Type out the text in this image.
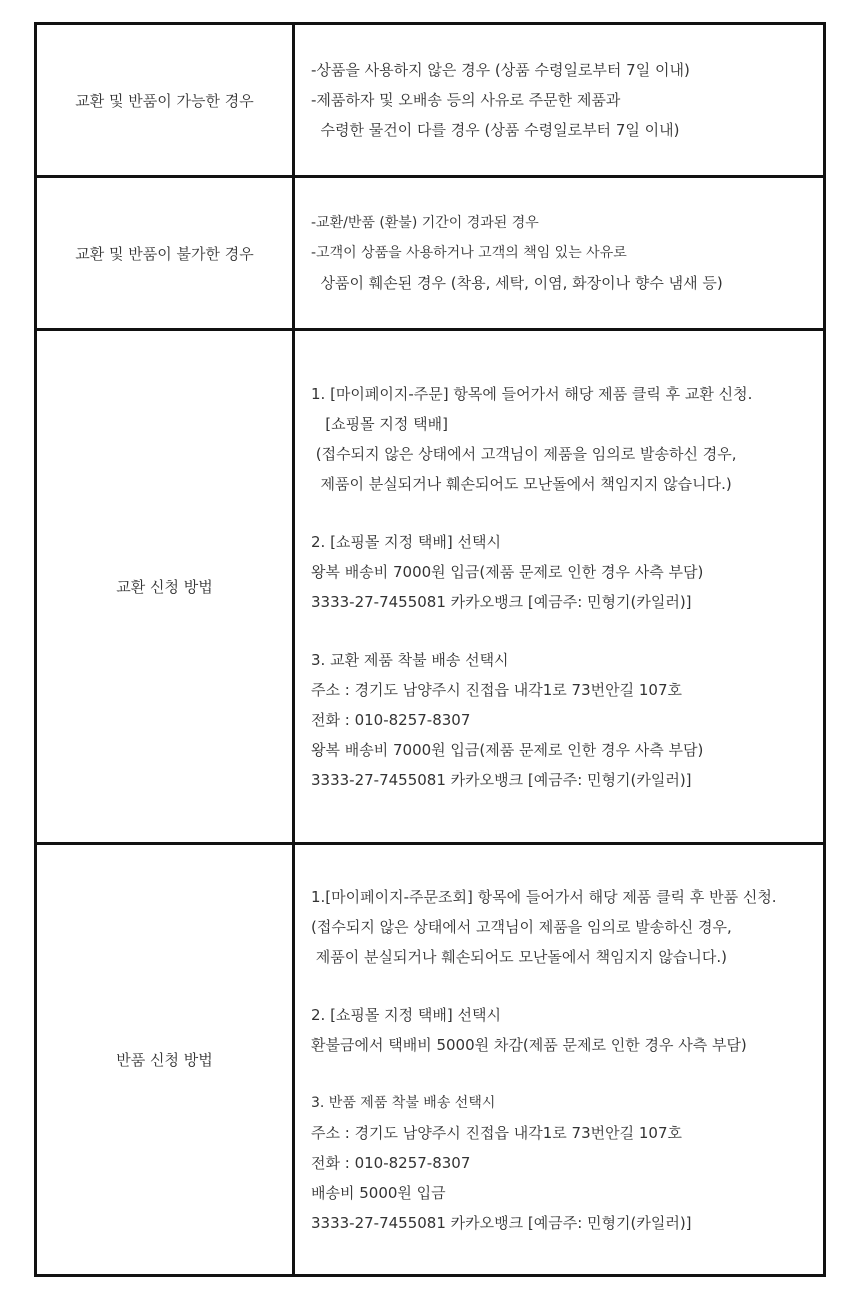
교환 및 반품이 가능한 경우
-상품을 사용하지 않은 경우 (상품 수령일로부터 7일 이내)
-제품하자 및 오배송 등의 사유로 주문한 제품과
수령한 물건이 다를 경우 (상품 수령일로부터 7일 이내)
교환 및 반품이 불가한 경우
-교환/반품 (환불) 기간이 경과된 경우
-고객이 상품을 사용하거나 고객의 책임 있는 사유로
상품이 훼손된 경우 (착용, 세탁, 이염, 화장이나 향수 냄새 등)
교환 신청 방법
1. [마이페이지-주문] 항목에 들어가서 해당 제품 클릭 후 교환 신청.
[쇼핑몰 지정 택배]
(접수되지 않은 상태에서 고객님이 제품을 임의로 발송하신 경우,
제품이 분실되거나 훼손되어도 모난돌에서 책임지지 않습니다.)
2. [쇼핑몰 지정 택배] 선택시
왕복 배송비 7000원 입금(제품 문제로 인한 경우 사측 부담)
3333-27-7455081 카카오뱅크 [예금주: 민형기(카일러)]
3. 교환 제품 착불 배송 선택시
주소 : 경기도 남양주시 진접읍 내각1로 73번안길 107호
전화 : 010-8257-8307
왕복 배송비 7000원 입금(제품 문제로 인한 경우 사측 부담)
3333-27-7455081 카카오뱅크 [예금주: 민형기(카일러)]
반품 신청 방법
1.[마이페이지-주문조회] 항목에 들어가서 해당 제품 클릭 후 반품 신청.
(접수되지 않은 상태에서 고객님이 제품을 임의로 발송하신 경우,
제품이 분실되거나 훼손되어도 모난돌에서 책임지지 않습니다.)
2. [쇼핑몰 지정 택배] 선택시
환불금에서 택배비 5000원 차감(제품 문제로 인한 경우 사측 부담)
3. 반품 제품 착불 배송 선택시
주소 : 경기도 남양주시 진접읍 내각1로 73번안길 107호
전화 : 010-8257-8307
배송비 5000원 입금
3333-27-7455081 카카오뱅크 [예금주: 민형기(카일러)]
